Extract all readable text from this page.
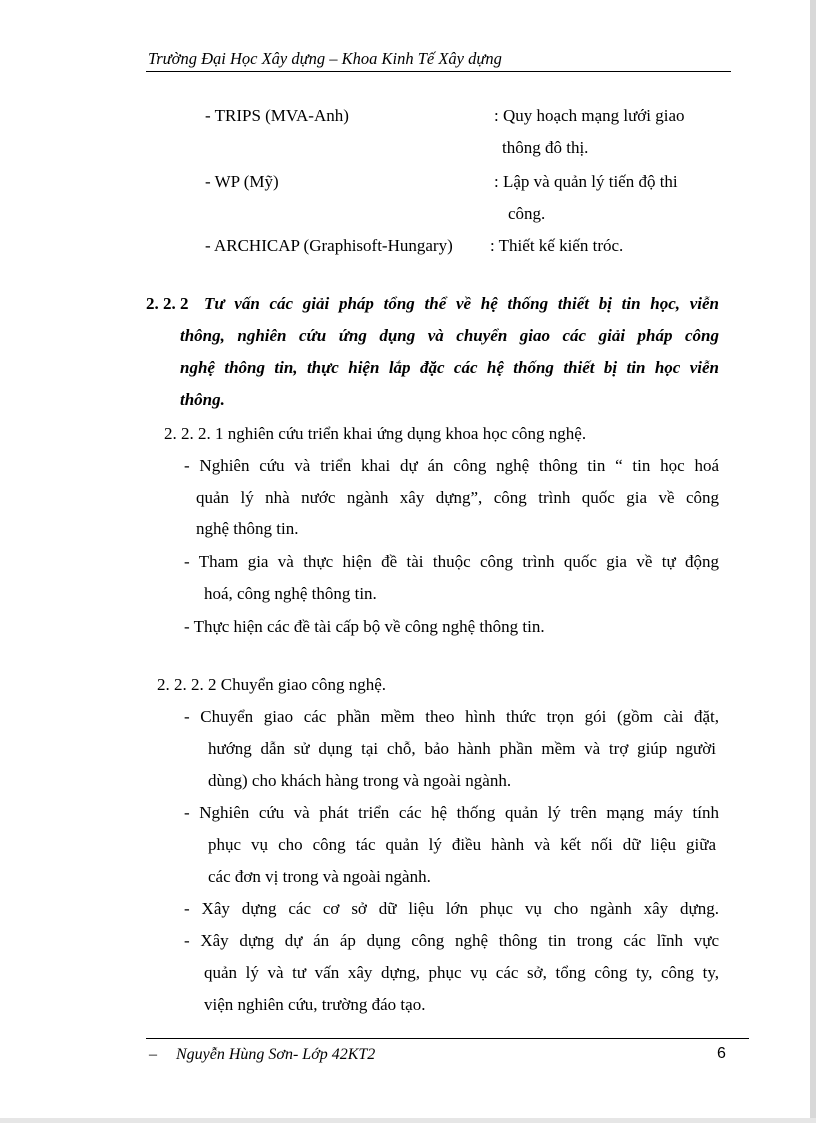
Trường Đại Học Xây dựng – Khoa Kinh Tế Xây dựng
- TRIPS (MVA-Anh)	: Quy hoạch mạng lưới giao
thông đô thị.
- WP (Mỹ)	: Lập và quản lý tiến độ thi
công.
- ARCHICAP (Graphisoft-Hungary) : Thiết kế kiến tróc.
2. 2. 2 Tư vấn các giải pháp tổng thể về hệ thống thiết bị tin học, viễn
thông, nghiên cứu ứng dụng và chuyển giao các giải pháp công
nghệ thông tin, thực hiện lắp đặc các hệ thống thiết bị tin học viễn
thông.
2. 2. 2. 1 nghiên cứu triển khai ứng dụng khoa học công nghệ.
- Nghiên cứu và triển khai dự án công nghệ thông tin “ tin học hoá
quản lý nhà nước ngành xây dựng”, công trình quốc gia về công
nghệ thông tin.
- Tham gia và thực hiện đề tài thuộc công trình quốc gia về tự động
hoá, công nghệ thông tin.
- Thực hiện các đề tài cấp bộ về công nghệ thông tin.
2. 2. 2. 2 Chuyển giao công nghệ.
- Chuyển giao các phần mềm theo hình thức trọn gói (gồm cài đặt,
hướng dẫn sử dụng tại chỗ, bảo hành phần mềm và trợ giúp người
dùng) cho khách hàng trong và ngoài ngành.
- Nghiên cứu và phát triển các hệ thống quản lý trên mạng máy tính
phục vụ cho công tác quản lý điều hành và kết nối dữ liệu giữa
các đơn vị trong và ngoài ngành.
- Xây dựng các cơ sở dữ liệu lớn phục vụ cho ngành xây dựng.
- Xây dựng dự án áp dụng công nghệ thông tin trong các lĩnh vực
quản lý và tư vấn xây dựng, phục vụ các sở, tổng công ty, công ty,
viện nghiên cứu, trường đáo tạo.
– Nguyễn Hùng Sơn- Lớp 42KT2	6
